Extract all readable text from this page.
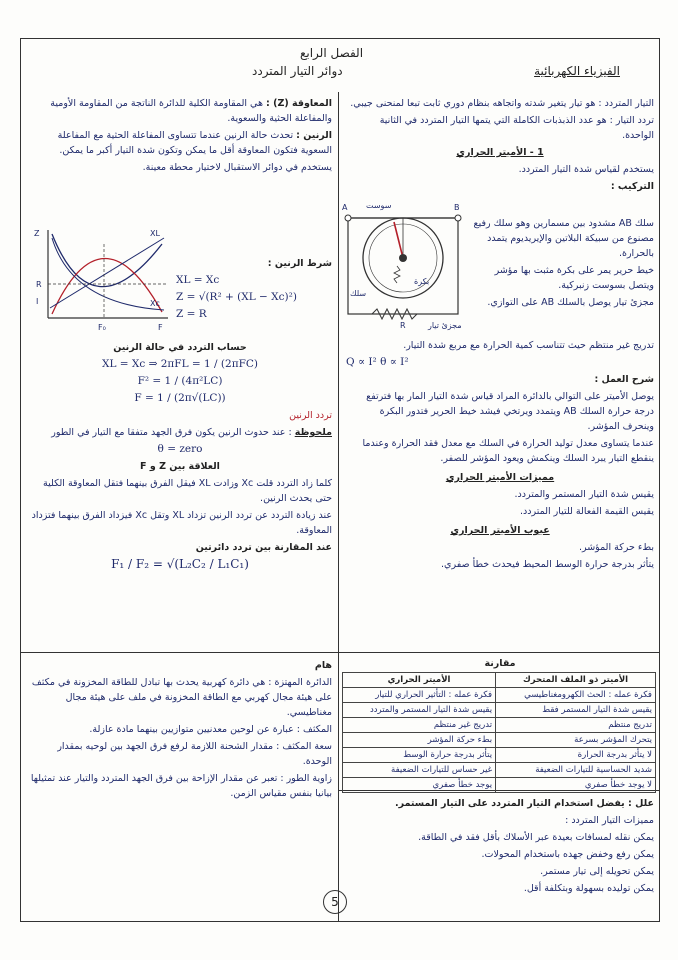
الفصل الرابع
دوائر التيار المتردد	الفيزياء الكهربائية

التيار المتردد : هو تيار يتغير شدته واتجاهه بنظام دوري ثابت تبعا لمنحنى جيبي.

تردد التيار : هو عدد الذبذبات الكاملة التي يتمها التيار المتردد في الثانية الواحدة.

1 - الأميتر الحراري

يستخدم لقياس شدة التيار المتردد.

التركيب :

A	B
R
سوست
بكرة
مجزئ تيار
سلك

سلك AB مشدود بين مسمارين وهو سلك رفيع مصنوع من سبيكة البلاتين والإيريديوم يتمدد بالحرارة.

خيط حرير يمر على بكرة مثبت بها مؤشر ويتصل بسوست زنبركية.

مجزئ تيار يوصل بالسلك AB على التوازي.

تدريج غير منتظم حيث تتناسب كمية الحرارة مع مربع شدة التيار.

Q ∝ I² θ ∝ I²

شرح العمل :

يوصل الأميتر على التوالي بالدائرة المراد قياس شدة التيار المار بها فترتفع درجة حرارة السلك AB ويتمدد ويرتخي فيشد خيط الحرير فتدور البكرة وينحرف المؤشر.

عندما يتساوى معدل توليد الحرارة في السلك مع معدل فقد الحرارة وعندما ينقطع التيار يبرد السلك وينكمش ويعود المؤشر للصفر.

مميزات الأميتر الحراري

يقيس شدة التيار المستمر والمتردد.

يقيس القيمة الفعالة للتيار المتردد.

عيوب الأميتر الحراري

بطء حركة المؤشر.

يتأثر بدرجة حرارة الوسط المحيط فيحدث خطأ صفري.

المعاوقة (Z) : هي المقاومة الكلية للدائرة الناتجة من المقاومة الأومية والمفاعلة الحثية والسعوية.

الرنين : تحدث حالة الرنين عندما تتساوى المفاعلة الحثية مع المفاعلة السعوية فتكون المعاوقة أقل ما يمكن وتكون شدة التيار أكبر ما يمكن.

يستخدم في دوائر الاستقبال لاختيار محطة معينة.

Z
I
R
XL
Xc
F₀	F

شرط الرنين :

XL = Xc

Z = √(R² + (XL − Xc)²)

Z = R

حساب التردد في حالة الرنين

XL = Xc ⇒ 2πFL = 1 / (2πFC)

F² = 1 / (4π²LC)

F = 1 / (2π√(LC))

تردد الرنين

ملحوظة : عند حدوث الرنين يكون فرق الجهد متفقا مع التيار في الطور

θ = zero

العلاقة بين Z و F

كلما زاد التردد قلت Xc وزادت XL فيقل الفرق بينهما فتقل المعاوقة الكلية حتى يحدث الرنين.

عند زيادة التردد عن تردد الرنين تزداد XL وتقل Xc فيزداد الفرق بينهما فتزداد المعاوقة.

عند المقارنة بين تردد دائرتين

F₁ / F₂ = √(L₂C₂ / L₁C₁)

هام

الدائرة المهتزة : هي دائرة كهربية يحدث بها تبادل للطاقة المخزونة في مكثف على هيئة مجال كهربي مع الطاقة المخزونة في ملف على هيئة مجال مغناطيسي.

المكثف : عبارة عن لوحين معدنيين متوازيين بينهما مادة عازلة.

سعة المكثف : مقدار الشحنة اللازمة لرفع فرق الجهد بين لوحيه بمقدار الوحدة.

زاوية الطور : تعبر عن مقدار الإزاحة بين فرق الجهد المتردد والتيار عند تمثيلها بيانيا بنفس مقياس الزمن.

مقارنة
الأميتر ذو الملف المتحرك	الأميتر الحراري
فكرة عمله : الحث الكهرومغناطيسي	فكرة عمله : التأثير الحراري للتيار
يقيس شدة التيار المستمر فقط	يقيس شدة التيار المستمر والمتردد
تدريج منتظم	تدريج غير منتظم
يتحرك المؤشر بسرعة	بطء حركة المؤشر
لا يتأثر بدرجة الحرارة	يتأثر بدرجة حرارة الوسط
شديد الحساسية للتيارات الضعيفة	غير حساس للتيارات الضعيفة
لا يوجد خطأ صفري	يوجد خطأ صفري

علل : يفضل استخدام التيار المتردد على التيار المستمر.

مميزات التيار المتردد :

يمكن نقله لمسافات بعيدة عبر الأسلاك بأقل فقد في الطاقة.

يمكن رفع وخفض جهده باستخدام المحولات.

يمكن تحويله إلى تيار مستمر.

يمكن توليده بسهولة وبتكلفة أقل.

5
